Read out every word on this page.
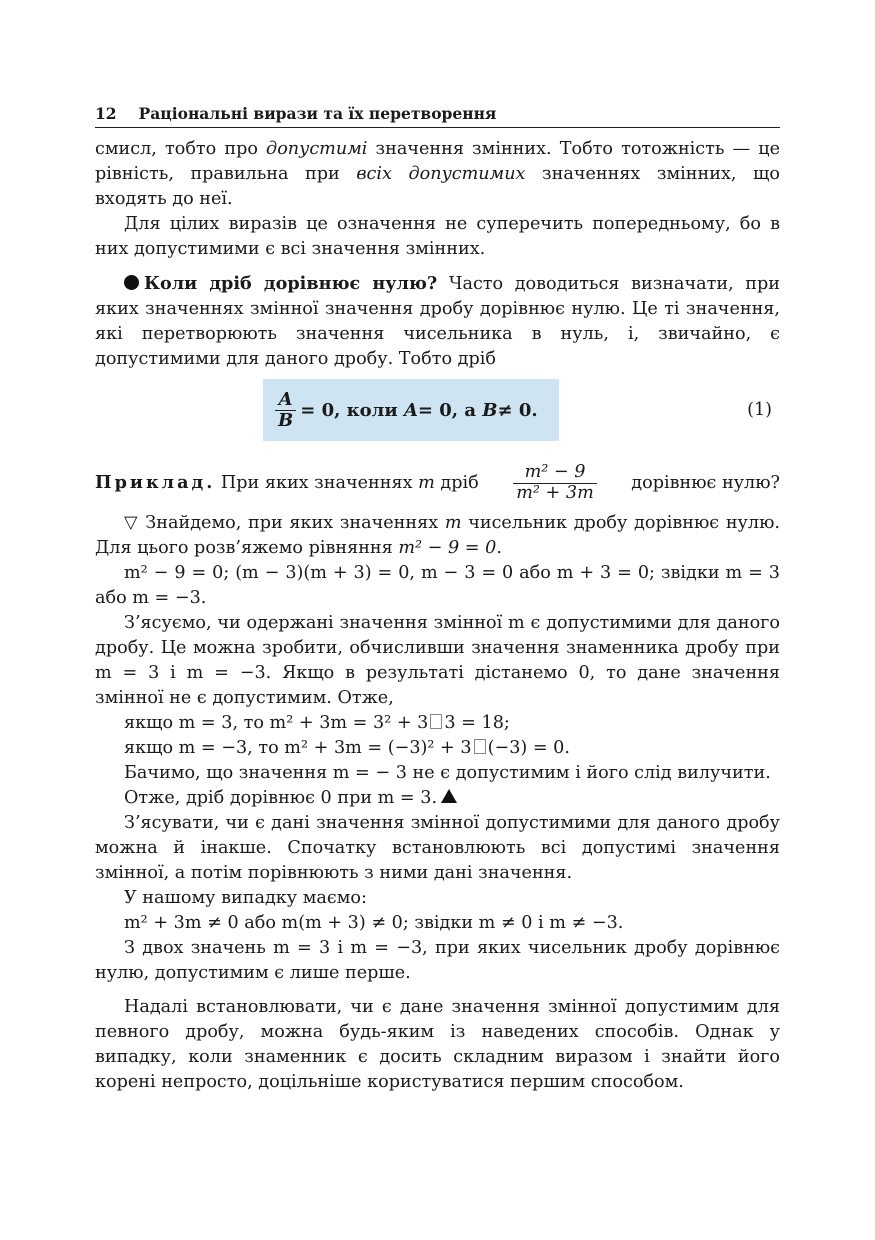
12 Раціональні вирази та їх перетворення

смисл, тобто про допустимі значення змінних. Тобто тотожність — це рівність, правильна при всіх допустимих значеннях змінних, що входять до неї.

Для цілих виразів це означення не суперечить попередньому, бо в них допустимими є всі значення змінних.

Коли дріб дорівнює нулю? Часто доводиться визначати, при яких значеннях змінної значення дробу дорівнює нулю. Це ті значення, які перетворюють значення чисельника в нуль, і, звичайно, є допустимими для даного дробу. Тобто дріб

$\frac{A}{B} = 0$, коли
A = 0, а
B ≠ 0.	(1)
Приклад. При яких значеннях m дріб $\frac{\text{m² − 9}}{\text{m² + 3m}}$ дорівнює нулю?

▽ Знайдемо, при яких значеннях m чисельник дробу дорівнює нулю. Для цього розв’яжемо рівняння m² − 9 = 0.

m² − 9 = 0; (m − 3)(m + 3) = 0, m − 3 = 0 або m + 3 = 0; звідки m = 3 або m = −3.

З’ясуємо, чи одержані значення змінної m є допустимими для даного дробу. Це можна зробити, обчисливши значення знаменника дробу при m = 3 і m = −3. Якщо в результаті дістанемо 0, то дане значення змінної не є допустимим. Отже,

якщо m = 3, то m² + 3m = 3² + 3 3 = 18;

якщо m = −3, то m² + 3m = (−3)² + 3 (−3) = 0.

Бачимо, що значення m = − 3 не є допустимим і його слід вилучити.

Отже, дріб дорівнює 0 при m = 3.

З’ясувати, чи є дані значення змінної допустимими для даного дробу можна й інакше. Спочатку встановлюють всі допустимі значення змінної, а потім порівнюють з ними дані значення.

У нашому випадку маємо:

m² + 3m ≠ 0 або m(m + 3) ≠ 0; звідки m ≠ 0 і m ≠ −3.

З двох значень m = 3 і m = −3, при яких чисельник дробу дорівнює нулю, допустимим є лише перше.

Надалі встановлювати, чи є дане значення змінної допустимим для певного дробу, можна будь-яким із наведених способів. Однак у випадку, коли знаменник є досить складним виразом і знайти його корені непросто, доцільніше користуватися першим способом.
